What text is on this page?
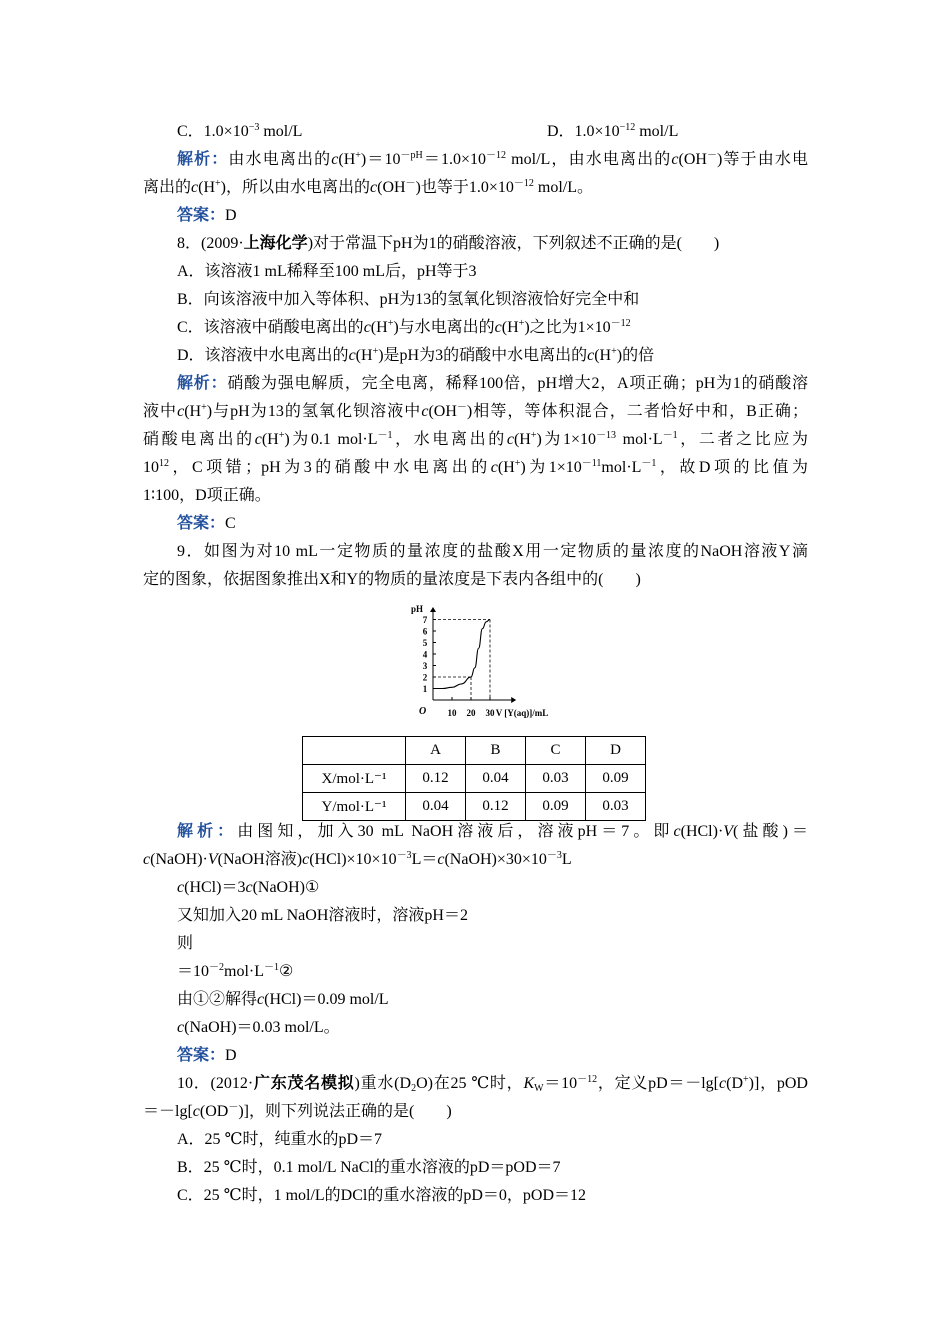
C．$1.0\times 10^{-3}$ mol/L	D．$1.0\times 10^{-12}$ mol/L
解析：由水电离出的$c(H^+)=10^{-pH}=1.0\times 10^{-12}$ mol/L，由水电离出的c(OH－)等于由水电
离出的c(H+)，所以由水电离出的c(OH－)也等于$1.0\times 10^{-12}$ mol/L。
答案：D
8．(2009·上海化学)对于常温下pH为1的硝酸溶液，下列叙述不正确的是(　　)
A．该溶液1 mL稀释至100 mL后，pH等于3
B．向该溶液中加入等体积、pH为13的氢氧化钡溶液恰好完全中和
C．该溶液中硝酸电离出的c(H+)与水电离出的c(H+)之比为$1\times 10^{-12}$
D．该溶液中水电离出的c(H+)是pH为3的硝酸中水电离出的c(H+)的倍
解析：硝酸为强电解质，完全电离，稀释100倍，pH增大2，A项正确；pH为1的硝酸溶
液中c(H+)与pH为13的氢氧化钡溶液中c(OH－)相等，等体积混合，二者恰好中和，B正确；
硝酸电离出的c(H+)为0.1 $mol\cdot L^{-1}$，水电离出的c(H+)为$1\times 10^{-13}$ $mol\cdot L^{-1}$，二者之比应为
$10^{12}$，C项错；pH为3的硝酸中水电离出的c(H+)为$1\times 10^{-11}mol\cdot L^{-1}$，故D项的比值为
1∶100，D项正确。
答案：C
9．如图为对10 mL一定物质的量浓度的盐酸X用一定物质的量浓度的NaOH溶液Y滴
定的图象，依据图象推出X和Y的物质的量浓度是下表内各组中的(　　)
pH
O	V [Y(aq)]/mL
1
2
3
4
5
6
7
10 20 30
	A	B	C	D
X/mol·L⁻¹	0.12	0.04	0.03	0.09
Y/mol·L⁻¹	0.04	0.12	0.09	0.03
解析：由图知，加入30 mL NaOH溶液后，溶液pH＝7。即c(HCl)·V(盐酸)＝
c(NaOH)·V(NaOH溶液)$c(HCl)\times 10\times 10^{-3}L=c(NaOH)\times 30\times 10^{-3}L$
c(HCl)＝3c(NaOH)①
又知加入20 mL NaOH溶液时，溶液pH＝2
则
$=10^{-2}mol\cdot L^{-1}②$
由①②解得c(HCl)＝0.09 mol/L
c(NaOH)＝0.03 mol/L。
答案：D
10．(2012·广东茂名模拟)重水$(D_2O)$在25 ℃时，$K_W=10^{-12}$，定义pD＝－lg[c(D+)]，pOD
＝－lg[c(OD－)]，则下列说法正确的是(　　)
A．25 ℃时，纯重水的pD＝7
B．25 ℃时，0.1 mol/L NaCl的重水溶液的pD＝pOD＝7
C．25 ℃时，1 mol/L的DCl的重水溶液的pD＝0，pOD＝12
